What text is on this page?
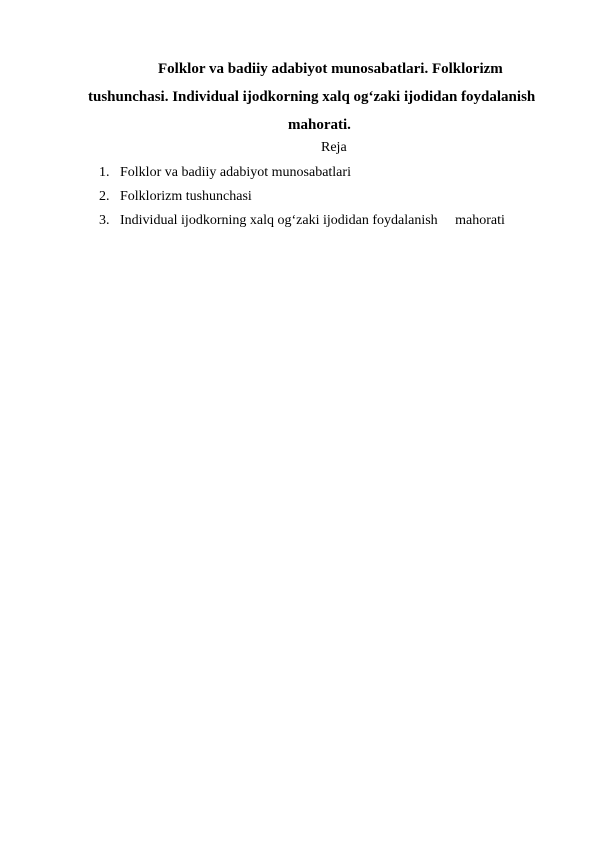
Folklor va badiiy adabiyot munosabatlari. Folklorizm
tushunchasi. Individual ijodkorning xalq og‘zaki ijodidan foydalanish
mahorati.
Reja
1. Folklor va badiiy adabiyot munosabatlari
2. Folklorizm tushunchasi
3. Individual ijodkorning xalq og‘zaki ijodidan foydalanish     mahorati
